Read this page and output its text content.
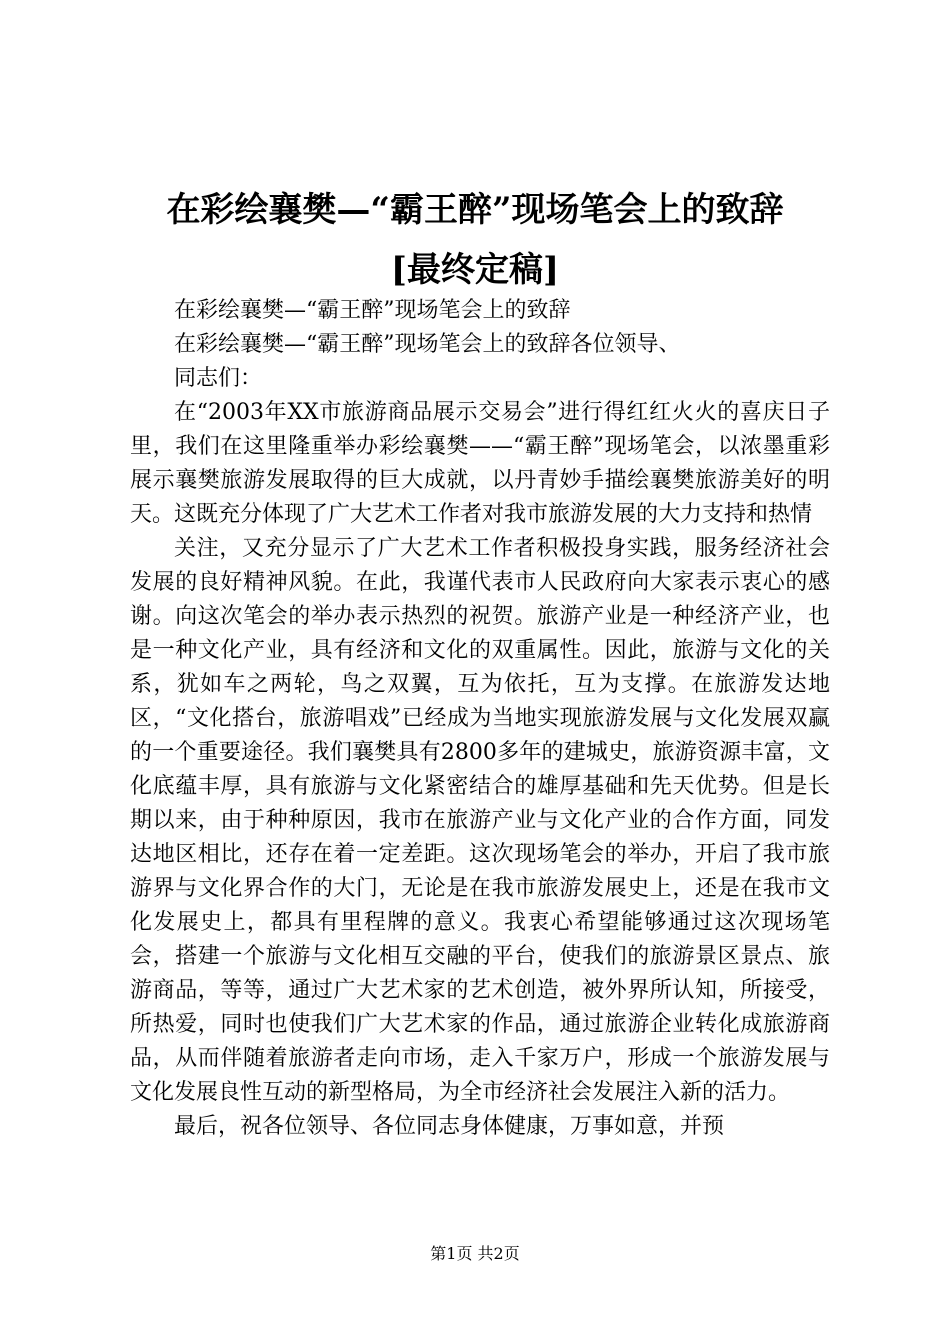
在彩绘襄樊—“霸王醉”现场笔会上的致辞
[最终定稿]

在彩绘襄樊—“霸王醉”现场笔会上的致辞

在彩绘襄樊—“霸王醉”现场笔会上的致辞各位领导、

同志们：

在“2003年XX市旅游商品展示交易会”进行得红红火火的喜庆日子里，我们在这里隆重举办彩绘襄樊——“霸王醉”现场笔会，以浓墨重彩展示襄樊旅游发展取得的巨大成就，以丹青妙手描绘襄樊旅游美好的明天。这既充分体现了广大艺术工作者对我市旅游发展的大力支持和热情

关注，又充分显示了广大艺术工作者积极投身实践，服务经济社会发展的良好精神风貌。在此，我谨代表市人民政府向大家表示衷心的感谢。向这次笔会的举办表示热烈的祝贺。旅游产业是一种经济产业，也是一种文化产业，具有经济和文化的双重属性。因此，旅游与文化的关系，犹如车之两轮，鸟之双翼，互为依托，互为支撑。在旅游发达地区，“文化搭台，旅游唱戏”已经成为当地实现旅游发展与文化发展双赢的一个重要途径。我们襄樊具有2800多年的建城史，旅游资源丰富，文化底蕴丰厚，具有旅游与文化紧密结合的雄厚基础和先天优势。但是长期以来，由于种种原因，我市在旅游产业与文化产业的合作方面，同发达地区相比，还存在着一定差距。这次现场笔会的举办，开启了我市旅游界与文化界合作的大门，无论是在我市旅游发展史上，还是在我市文化发展史上，都具有里程牌的意义。我衷心希望能够通过这次现场笔会，搭建一个旅游与文化相互交融的平台，使我们的旅游景区景点、旅游商品，等等，通过广大艺术家的艺术创造，被外界所认知，所接受，所热爱，同时也使我们广大艺术家的作品，通过旅游企业转化成旅游商品，从而伴随着旅游者走向市场，走入千家万户，形成一个旅游发展与文化发展良性互动的新型格局，为全市经济社会发展注入新的活力。

最后，祝各位领导、各位同志身体健康，万事如意，并预

第1页 共2页
